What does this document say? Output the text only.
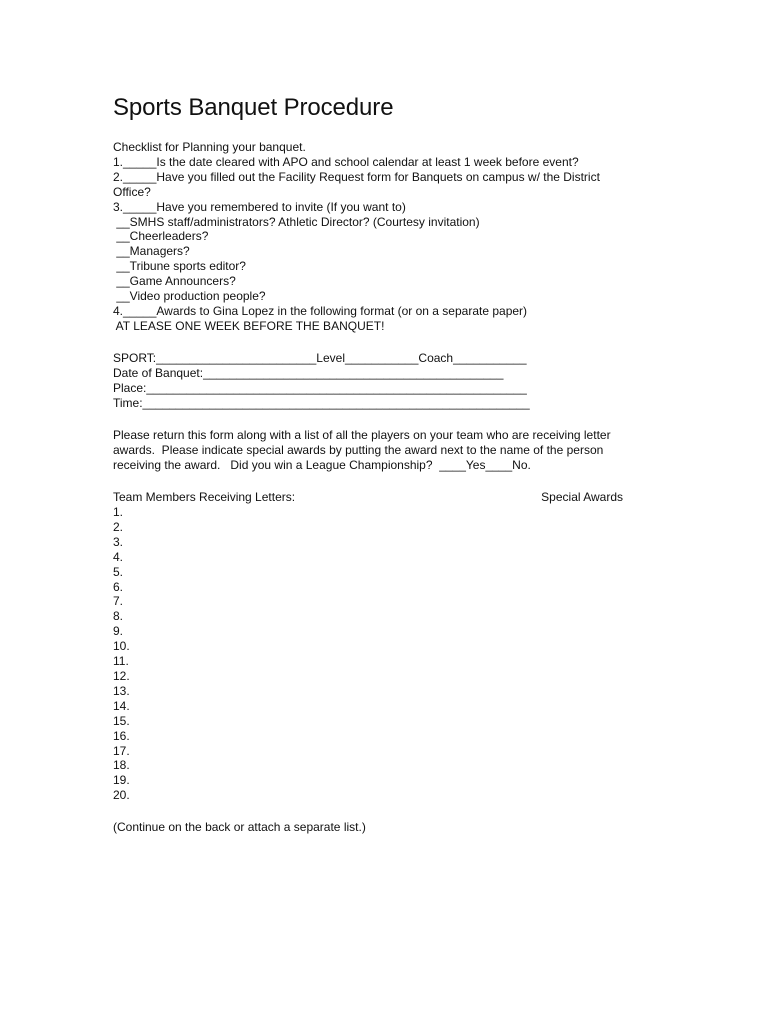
Sports Banquet Procedure

Checklist for Planning your banquet.

1._____Is the date cleared with APO and school calendar at least 1 week before event?

2._____Have you filled out the Facility Request form for Banquets on campus w/ the District

Office?

3._____Have you remembered to invite (If you want to)

__SMHS staff/administrators? Athletic Director? (Courtesy invitation)

__Cheerleaders?

__Managers?

__Tribune sports editor?

__Game Announcers?

__Video production people?

4._____Awards to Gina Lopez in the following format (or on a separate paper)

AT LEASE ONE WEEK BEFORE THE BANQUET!

SPORT:________________________Level___________Coach___________

Date of Banquet:_____________________________________________

Place:_________________________________________________________

Time:__________________________________________________________

Please return this form along with a list of all the players on your team who are receiving letter

awards.  Please indicate special awards by putting the award next to the name of the person

receiving the award.   Did you win a League Championship?  ____Yes____No.

Team Members Receiving Letters:	Special Awards

1.

2.

3.

4.

5.

6.

7.

8.

9.

10.

11.

12.

13.

14.

15.

16.

17.

18.

19.

20.

(Continue on the back or attach a separate list.)
